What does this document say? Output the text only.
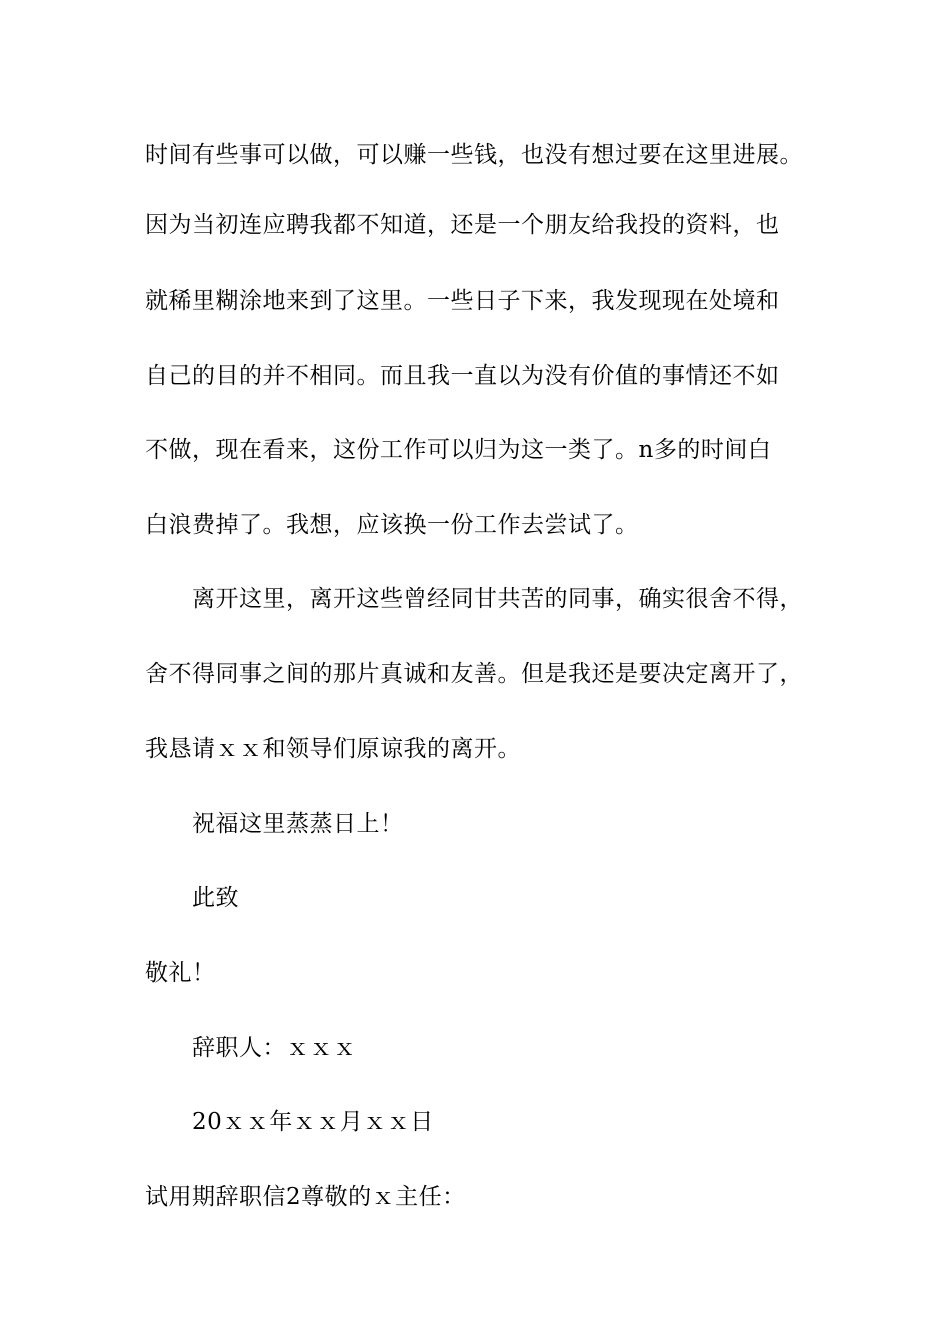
时间有些事可以做，可以赚一些钱，也没有想过要在这里进展。
因为当初连应聘我都不知道，还是一个朋友给我投的资料，也
就稀里糊涂地来到了这里。一些日子下来，我发现现在处境和
自己的目的并不相同。而且我一直以为没有价值的事情还不如
不做，现在看来，这份工作可以归为这一类了。n多的时间白
白浪费掉了。我想，应该换一份工作去尝试了。
离开这里，离开这些曾经同甘共苦的同事，确实很舍不得，
舍不得同事之间的那片真诚和友善。但是我还是要决定离开了，
我恳请ｘｘ和领导们原谅我的离开。
祝福这里蒸蒸日上！
此致
敬礼！
辞职人：ｘｘｘ
20ｘｘ年ｘｘ月ｘｘ日
试用期辞职信2尊敬的ｘ主任：
